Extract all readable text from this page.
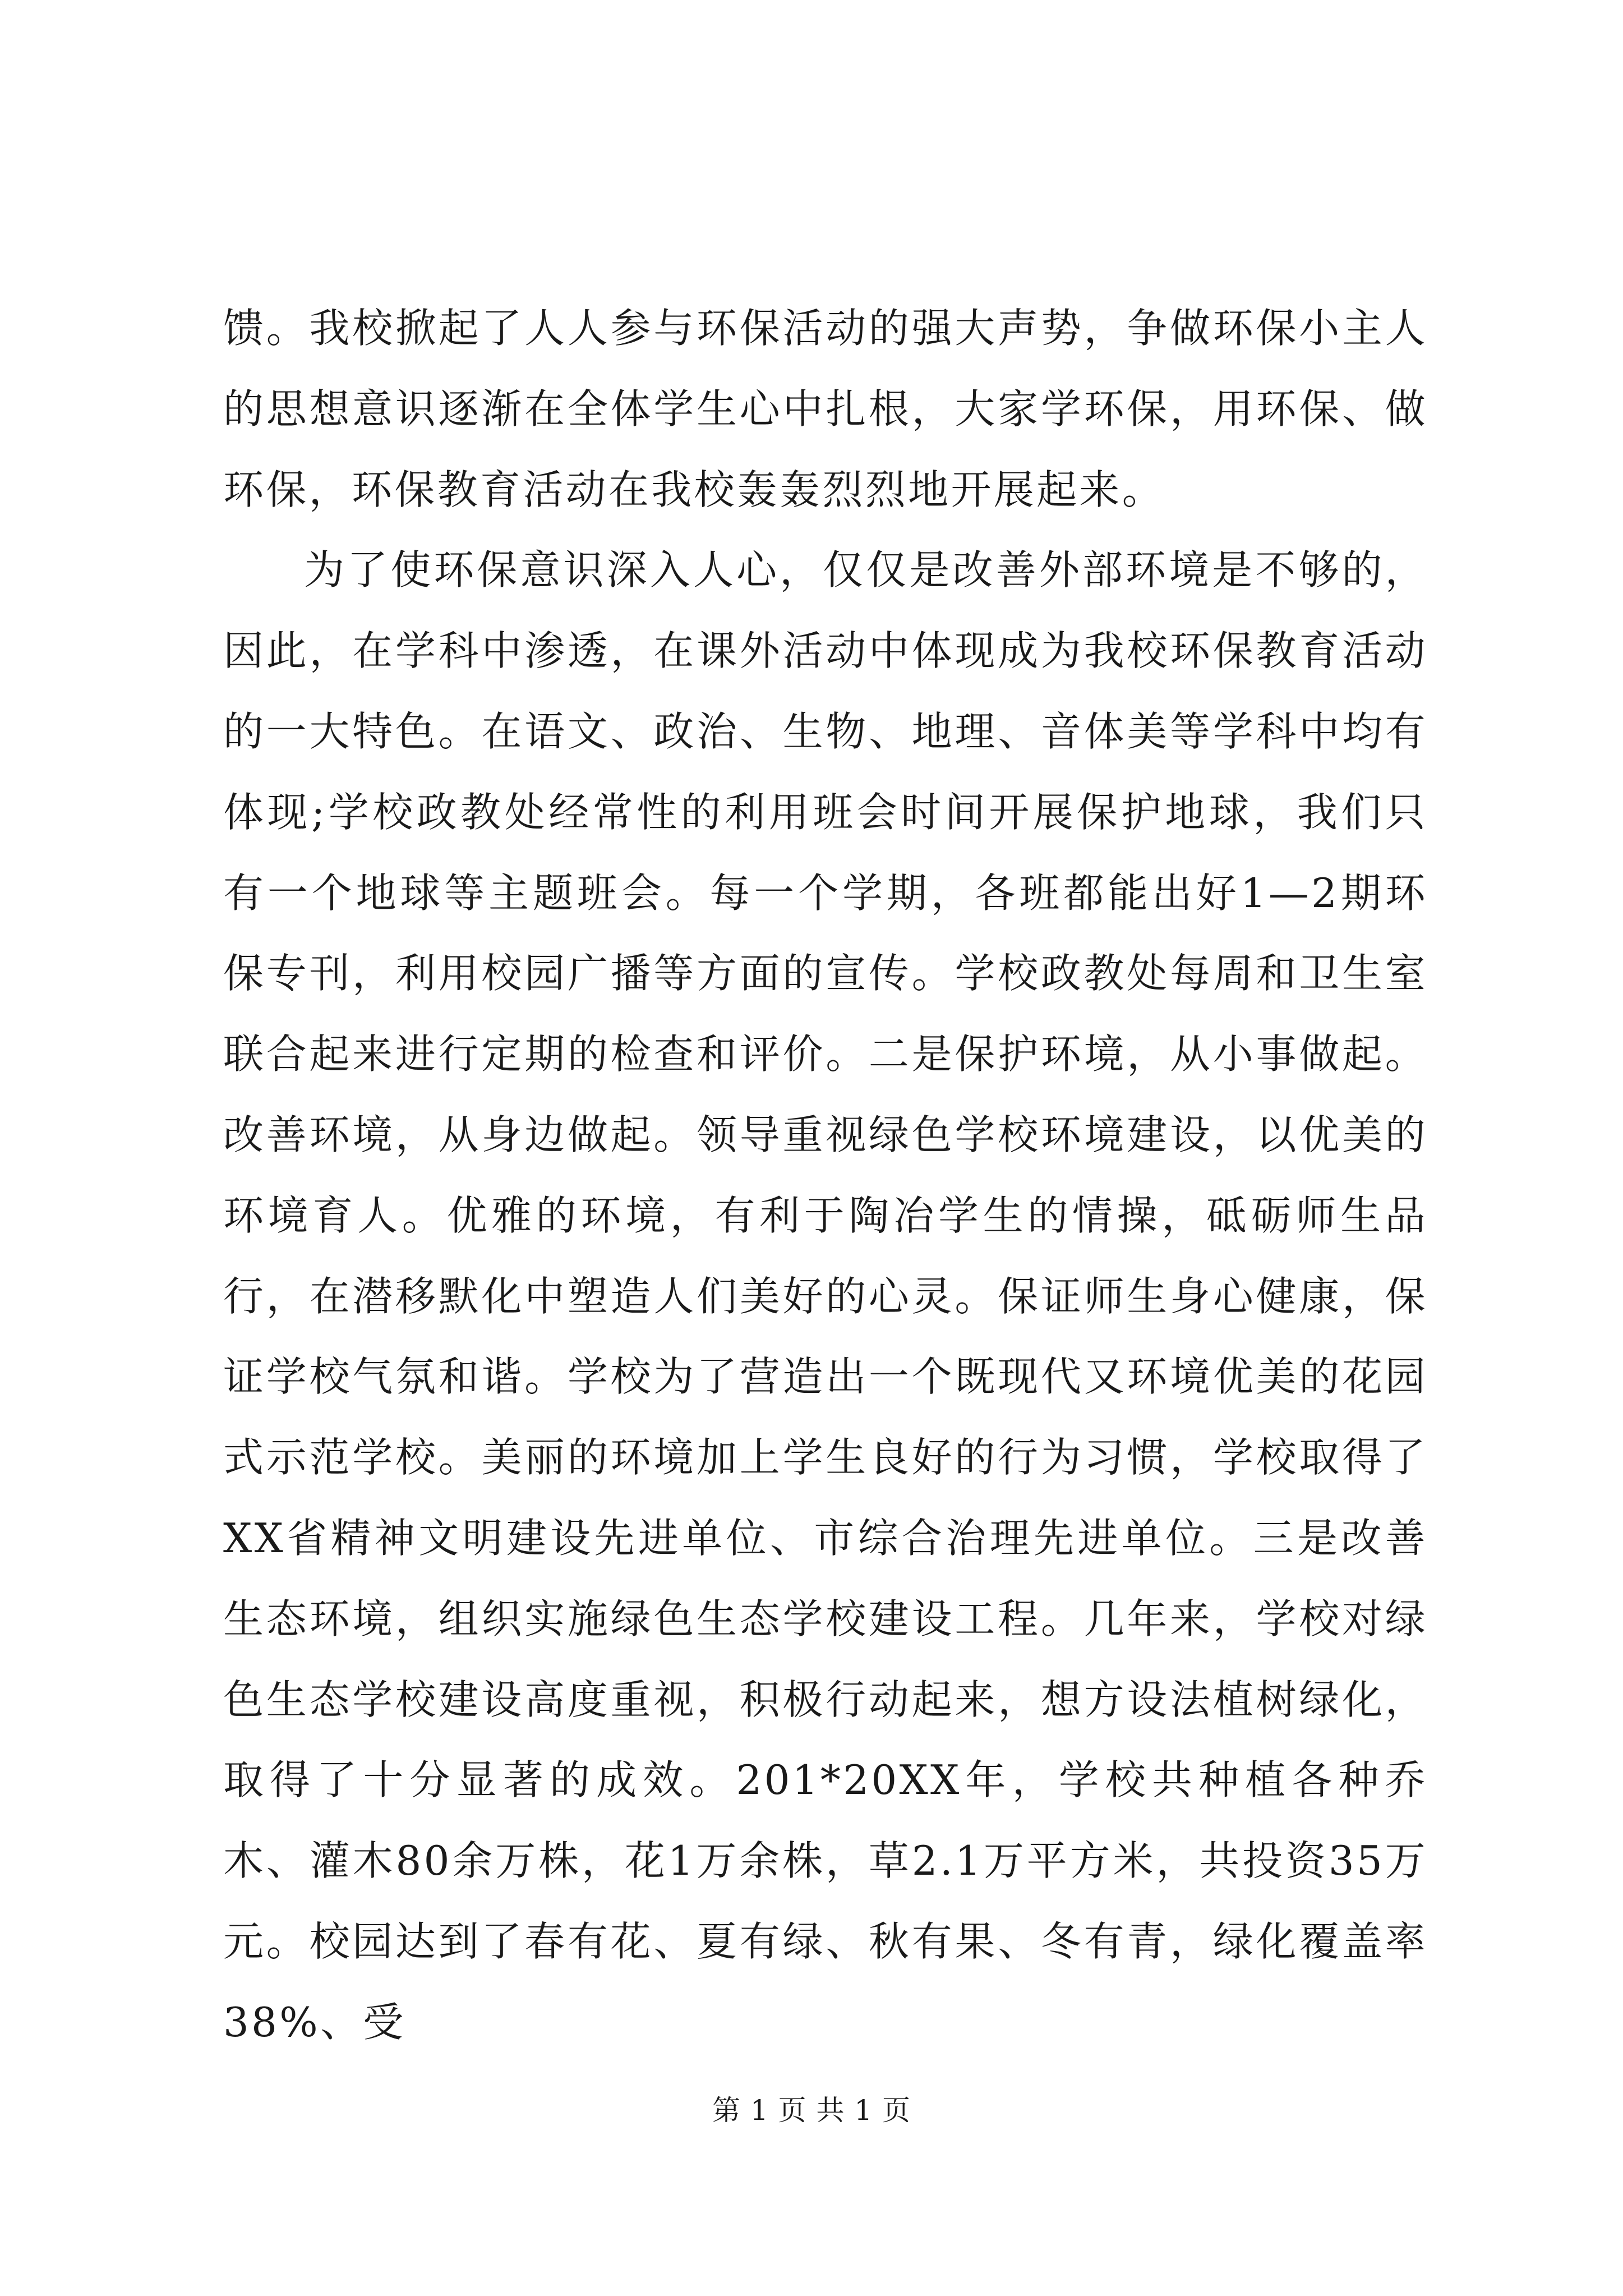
馈。我校掀起了人人参与环保活动的强大声势，争做环保小主人的思想意识逐渐在全体学生心中扎根，大家学环保，用环保、做环保，环保教育活动在我校轰轰烈烈地开展起来。

为了使环保意识深入人心，仅仅是改善外部环境是不够的，因此，在学科中渗透，在课外活动中体现成为我校环保教育活动的一大特色。在语文、政治、生物、地理、音体美等学科中均有体现;学校政教处经常性的利用班会时间开展保护地球，我们只有一个地球等主题班会。每一个学期，各班都能出好1—2期环保专刊，利用校园广播等方面的宣传。学校政教处每周和卫生室联合起来进行定期的检查和评价。二是保护环境，从小事做起。改善环境，从身边做起。领导重视绿色学校环境建设，以优美的环境育人。优雅的环境，有利于陶冶学生的情操，砥砺师生品行，在潜移默化中塑造人们美好的心灵。保证师生身心健康，保证学校气氛和谐。学校为了营造出一个既现代又环境优美的花园式示范学校。美丽的环境加上学生良好的行为习惯，学校取得了XX省精神文明建设先进单位、市综合治理先进单位。三是改善生态环境，组织实施绿色生态学校建设工程。几年来，学校对绿色生态学校建设高度重视，积极行动起来，想方设法植树绿化，取得了十分显著的成效。201*20XX年，学校共种植各种乔木、灌木80余万株，花1万余株，草2.1万平方米，共投资35万元。校园达到了春有花、夏有绿、秋有果、冬有青，绿化覆盖率38%、受

第 1 页 共 1 页
